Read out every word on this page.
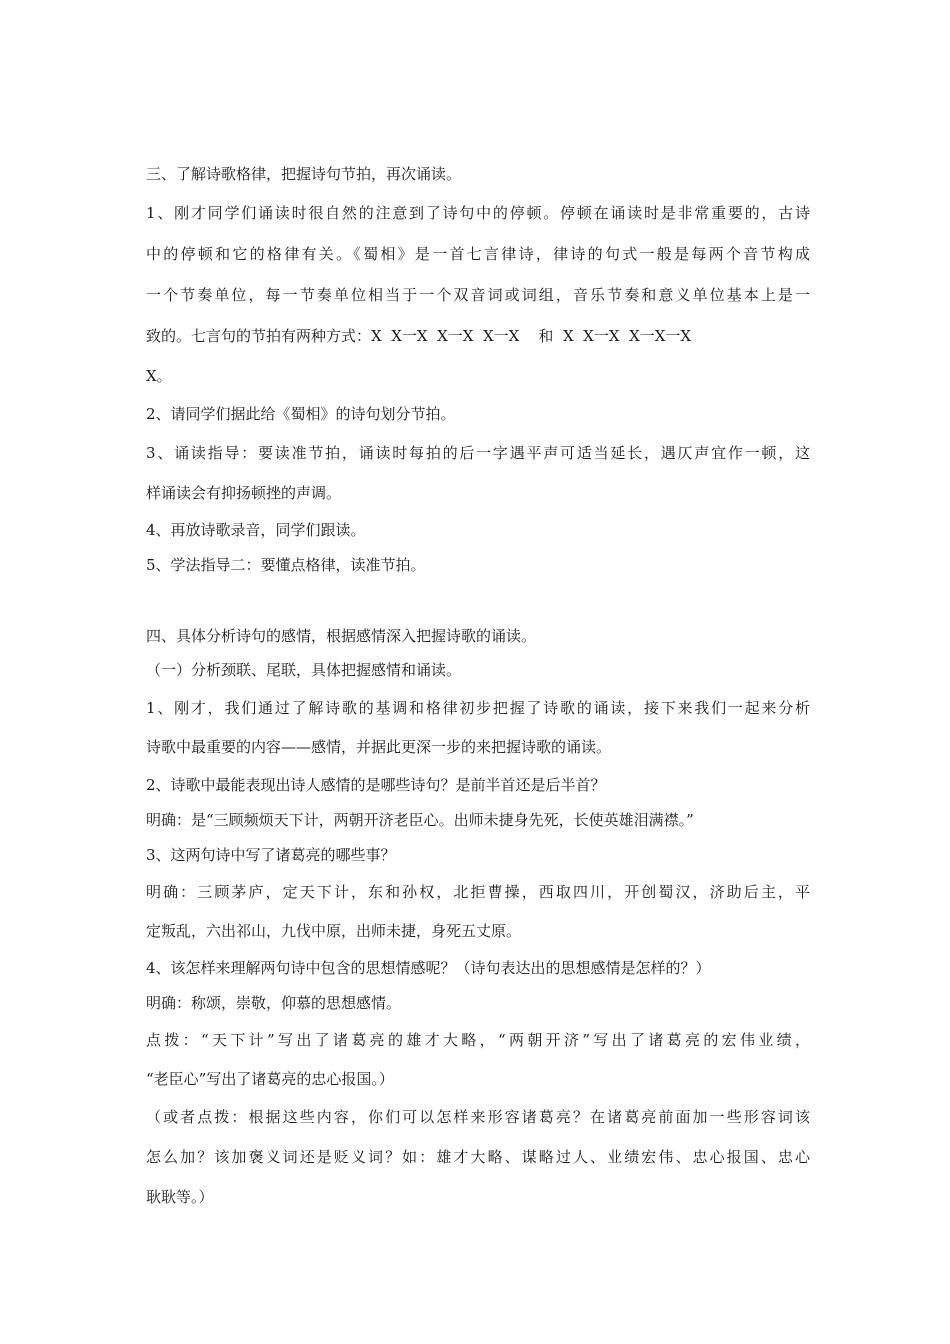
三、了解诗歌格律，把握诗句节拍，再次诵读。
1、刚才同学们诵读时很自然的注意到了诗句中的停顿。停顿在诵读时是非常重要的，古诗
中的停顿和它的格律有关。《蜀相》是一首七言律诗，律诗的句式一般是每两个音节构成
一个节奏单位，每一节奏单位相当于一个双音词或词组，音乐节奏和意义单位基本上是一
致的。七言句的节拍有两种方式：X  X一X  X一X  X一X    和  X  X一X  X一X一X
X。
2、请同学们据此给《蜀相》的诗句划分节拍。
3、诵读指导：要读准节拍，诵读时每拍的后一字遇平声可适当延长，遇仄声宜作一顿，这
样诵读会有抑扬顿挫的声调。
4、再放诗歌录音，同学们跟读。
5、学法指导二：要懂点格律，读准节拍。
四、具体分析诗句的感情，根据感情深入把握诗歌的诵读。
（一）分析颈联、尾联，具体把握感情和诵读。
1、刚才，我们通过了解诗歌的基调和格律初步把握了诗歌的诵读，接下来我们一起来分析
诗歌中最重要的内容——感情，并据此更深一步的来把握诗歌的诵读。
2、诗歌中最能表现出诗人感情的是哪些诗句？是前半首还是后半首？
明确：是“三顾频烦天下计，两朝开济老臣心。出师未捷身先死，长使英雄泪满襟。”
3、这两句诗中写了诸葛亮的哪些事？
明确：三顾茅庐，定天下计，东和孙权，北拒曹操，西取四川，开创蜀汉，济助后主，平
定叛乱，六出祁山，九伐中原，出师未捷，身死五丈原。
4、该怎样来理解两句诗中包含的思想情感呢？（诗句表达出的思想感情是怎样的？）
明确：称颂，崇敬，仰慕的思想感情。
点拨：“天下计”写出了诸葛亮的雄才大略，“两朝开济”写出了诸葛亮的宏伟业绩，
“老臣心”写出了诸葛亮的忠心报国。）
（或者点拨：根据这些内容，你们可以怎样来形容诸葛亮？在诸葛亮前面加一些形容词该
怎么加？该加褒义词还是贬义词？如：雄才大略、谋略过人、业绩宏伟、忠心报国、忠心
耿耿等。）
